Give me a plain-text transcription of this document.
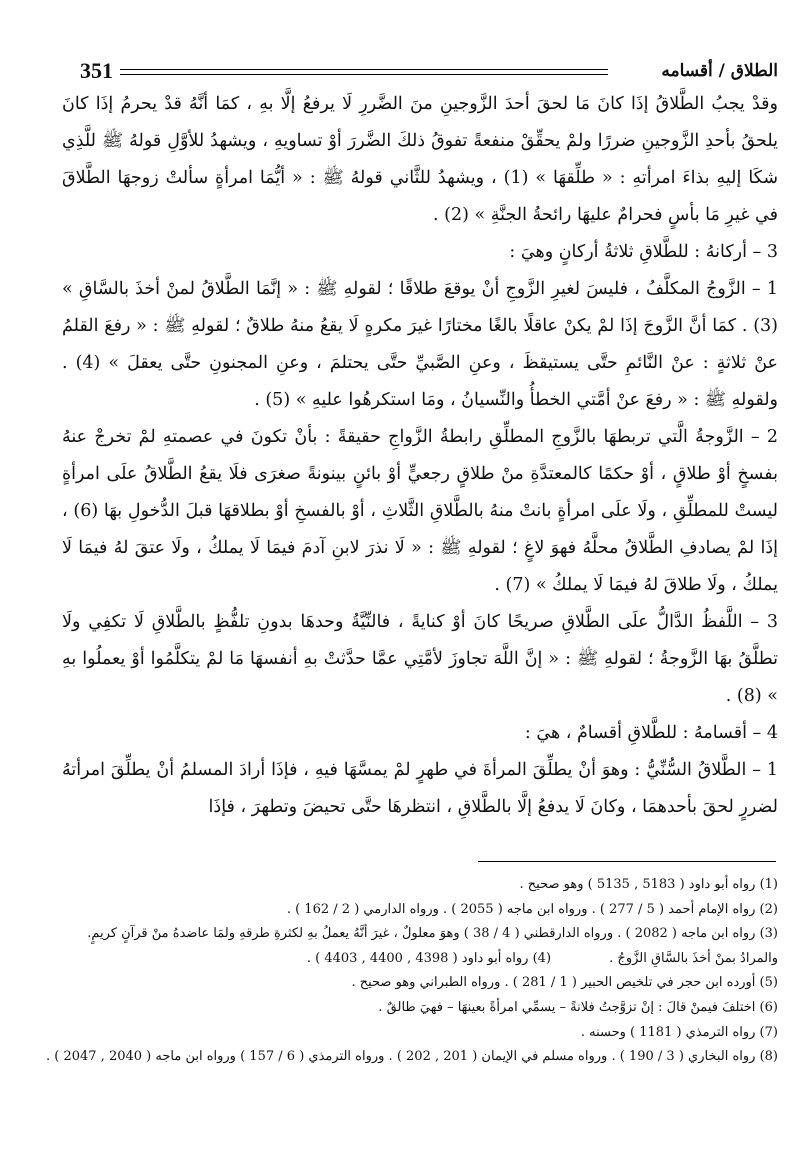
351	الطلاق / أقسامه

وقدْ يجبُ الطَّلاقُ إذَا كانَ مَا لحقَ أحدَ الزَّوجينِ منَ الضَّررِ لَا يرفعُ إلَّا بهِ ، كمَا أنَّهُ قدْ يحرمُ إذَا كانَ يلحقُ بأحدِ الزَّوجينِ ضررًا ولمْ يحقِّقْ منفعةً تفوقُ ذلكَ الضَّررَ أوْ تساويهِ ، ويشهدُ للأوَّلِ قولهُ ﷺ للَّذِي شكَا إليهِ بذاءَ امرأتهِ : « طلِّقهَا » (1) ، ويشهدُ للثَّاني قولهُ ﷺ : « أيُّمَا امرأةٍ سألتْ زوجهَا الطَّلاقَ في غيرِ مَا بأسٍ فحرامٌ عليهَا رائحةُ الجنَّةِ » (2) .

3 – أركانهُ : للطَّلاقِ ثلاثةُ أركانٍ وهيَ :

1 – الزَّوجُ المكلَّفُ ، فليسَ لغيرِ الزَّوجِ أنْ يوقعَ طلاقًا ؛ لقولهِ ﷺ : « إنَّمَا الطَّلاقُ لمنْ أخذَ بالسَّاقِ » (3) . كمَا أنَّ الزَّوجَ إذَا لمْ يكنْ عاقلًا بالغًا مختارًا غيرَ مكرهٍ لَا يقعُ منهُ طلاقٌ ؛ لقولهِ ﷺ : « رفعَ القلمُ عنْ ثلاثةٍ : عنْ النَّائمِ حتَّى يستيقظَ ، وعنِ الصَّبيِّ حتَّى يحتلمَ ، وعنِ المجنونِ حتَّى يعقلَ » (4) . ولقولهِ ﷺ : « رفعَ عنْ أمَّتي الخطأُ والنِّسيانُ ، ومَا استكرهُوا عليهِ » (5) .

2 – الزَّوجةُ الَّتي تربطهَا بالزَّوجِ المطلِّقِ رابطةُ الزَّواجِ حقيقةً : بأنْ تكونَ في عصمتهِ لمْ تخرجْ عنهُ بفسخٍ أوْ طلاقٍ ، أوْ حكمًا كالمعتدَّةِ منْ طلاقٍ رجعيٍّ أوْ بائنٍ بينونةً صغرَى فلَا يقعُ الطَّلاقُ علَى امرأةٍ ليستْ للمطلِّقِ ، ولَا علَى امرأةٍ بانتْ منهُ بالطَّلاقِ الثَّلاثِ ، أوْ بالفسخِ أوْ بطلاقهَا قبلَ الدُّخولِ بهَا (6) ، إذَا لمْ يصادفِ الطَّلاقُ محلَّهُ فهوَ لاغٍ ؛ لقولهِ ﷺ : « لَا نذرَ لابنِ آدمَ فيمَا لَا يملكُ ، ولَا عتقَ لهُ فيمَا لَا يملكُ ، ولَا طلاقَ لهُ فيمَا لَا يملكُ » (7) .

3 – اللَّفظُ الدَّالُّ علَى الطَّلاقِ صريحًا كانَ أوْ كنايةً ، فالنِّيَّةُ وحدهَا بدونِ تلفُّظٍ بالطَّلاقِ لَا تكفِي ولَا تطلَّقُ بهَا الزَّوجةُ ؛ لقولهِ ﷺ : « إنَّ اللَّهَ تجاوزَ لأمَّتِي عمَّا حدَّثتْ بهِ أنفسهَا مَا لمْ يتكلَّمُوا أوْ يعملُوا بهِ » (8) .

4 – أقسامهُ : للطَّلاقِ أقسامٌ ، هيَ :

1 – الطَّلاقُ السُّنِّيُّ : وهوَ أنْ يطلِّقَ المرأةَ في طهرٍ لمْ يمسَّهَا فيهِ ، فإذَا أرادَ المسلمُ أنْ يطلِّقَ امرأتهُ لضررٍ لحقَ بأحدهمَا ، وكانَ لَا يدفعُ إلَّا بالطَّلاقِ ، انتظرهَا حتَّى تحيضَ وتطهرَ ، فإذَا

(1) رواه أبو داود ( 5183 , 5135 ) وهو صحيح .

(2) رواه الإمام أحمد ( 5 / 277 ) . ورواه ابن ماجه ( 2055 ) . ورواه الدارمي ( 2 / 162 ) .

(3) رواه ابن ماجه ( 2082 ) . ورواه الدارقطني ( 4 / 38 ) وهوَ معلولٌ ، غيرَ أنَّهُ يعملُ بهِ لكثرةِ طرقهِ ولمَا عاضدهُ منْ قرآنٍ كريمٍ.

والمرادُ بمنْ أخذَ بالسَّاقِ الزَّوجُ . (4) رواه أبو داود ( 4398 , 4400 , 4403 ) .

(5) أورده ابن حجر في تلخيص الحبير ( 1 / 281 ) . ورواه الطبراني وهو صحيح .

(6) اختلفَ فيمنْ قالَ : إنْ تزوَّجتُ فلانةً – يسمِّي امرأةً بعينهَا – فهيَ طالقٌ .

(7) رواه الترمذي ( 1181 ) وحسنه .

(8) رواه البخاري ( 3 / 190 ) . ورواه مسلم في الإيمان ( 201 , 202 ) . ورواه الترمذي ( 6 / 157 ) ورواه ابن ماجه ( 2040 , 2047 ) .
